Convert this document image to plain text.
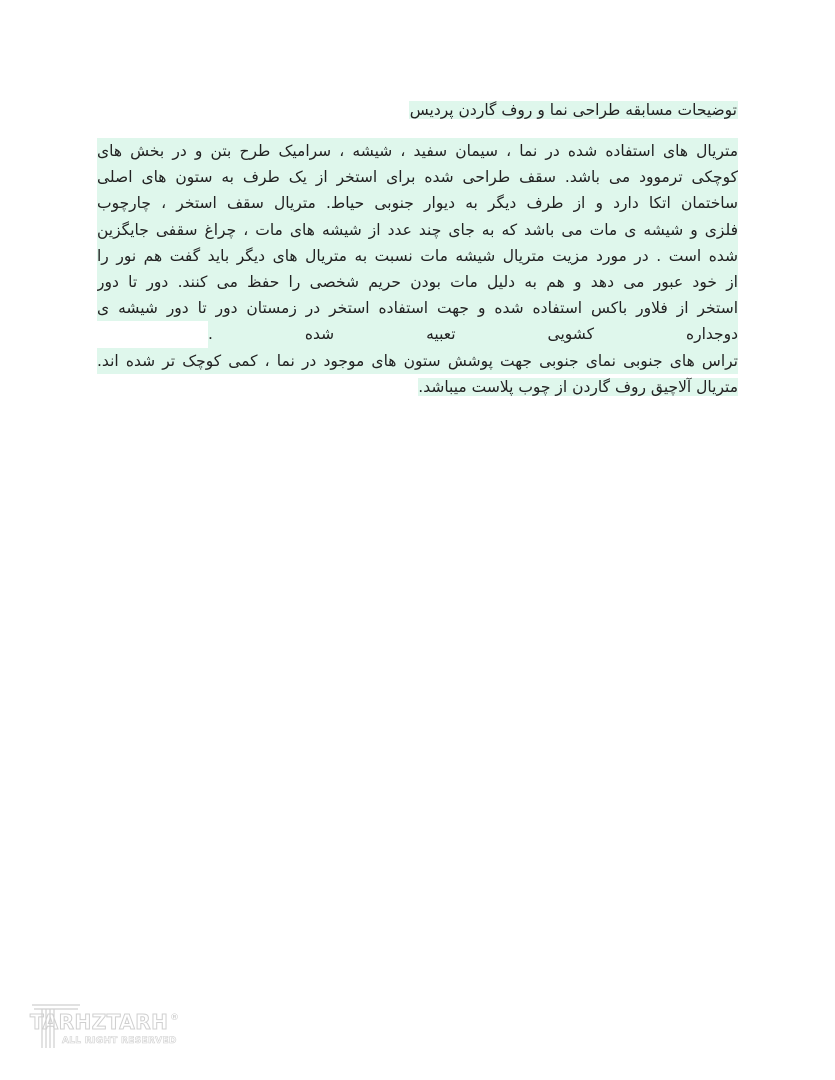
توضیحات مسابقه طراحی نما و روف گاردن پردیس
متریال های استفاده شده در نما ، سیمان سفید ، شیشه ، سرامیک طرح بتن و در بخش های
کوچکی ترموود می باشد. سقف طراحی شده برای استخر از یک طرف به ستون های اصلی
ساختمان اتکا دارد و از طرف دیگر به دیوار جنوبی حیاط. متریال سقف استخر ، چارچوب
فلزی و شیشه ی مات می باشد که به جای چند عدد از شیشه های مات ، چراغ سقفی جایگزین
شده است . در مورد مزیت متریال شیشه مات نسبت به متریال های دیگر باید گفت هم نور را
از خود عبور می دهد و هم به دلیل مات بودن حریم شخصی را حفظ می کنند. دور تا دور
استخر از فلاور باکس استفاده شده و جهت استفاده استخر در زمستان دور تا دور شیشه ی
دوجداره کشویی تعبیه شده .
تراس های جنوبی نمای جنوبی جهت پوشش ستون های موجود در نما ، کمی کوچک تر شده اند.
متریال آلاچیق روف گاردن از چوب پلاست میباشد.
TARHZTARH
ALL RIGHT RESERVED
®
